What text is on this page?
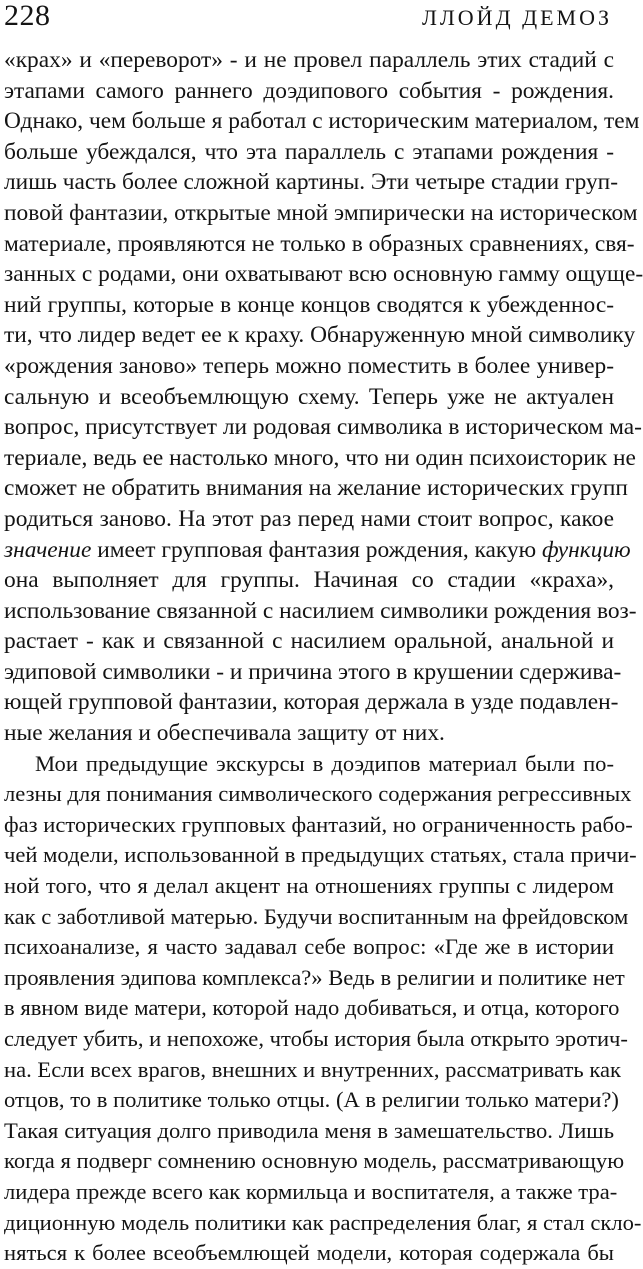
228	ЛЛОЙД ДЕМОЗ
«крах» и «переворот» - и не провел параллель этих стадий с
этапами самого раннего доэдипового события - рождения.
Однако, чем больше я работал с историческим материалом, тем
больше убеждался, что эта параллель с этапами рождения -
лишь часть более сложной картины. Эти четыре стадии груп-
повой фантазии, открытые мной эмпирически на историческом
материале, проявляются не только в образных сравнениях, свя-
занных с родами, они охватывают всю основную гамму ощуще-
ний группы, которые в конце концов сводятся к убежденнос-
ти, что лидер ведет ее к краху. Обнаруженную мной символику
«рождения заново» теперь можно поместить в более универ-
сальную и всеобъемлющую схему. Теперь уже не актуален
вопрос, присутствует ли родовая символика в историческом ма-
териале, ведь ее настолько много, что ни один психоисторик не
сможет не обратить внимания на желание исторических групп
родиться заново. На этот раз перед нами стоит вопрос, какое
значение имеет групповая фантазия рождения, какую функцию
она выполняет для группы. Начиная со стадии «краха»,
использование связанной с насилием символики рождения воз-
растает - как и связанной с насилием оральной, анальной и
эдиповой символики - и причина этого в крушении сдержива-
ющей групповой фантазии, которая держала в узде подавлен-
ные желания и обеспечивала защиту от них.
Мои предыдущие экскурсы в доэдипов материал были по-
лезны для понимания символического содержания регрессивных
фаз исторических групповых фантазий, но ограниченность рабо-
чей модели, использованной в предыдущих статьях, стала причи-
ной того, что я делал акцент на отношениях группы с лидером
как с заботливой матерью. Будучи воспитанным на фрейдовском
психоанализе, я часто задавал себе вопрос: «Где же в истории
проявления эдипова комплекса?» Ведь в религии и политике нет
в явном виде матери, которой надо добиваться, и отца, которого
следует убить, и непохоже, чтобы история была открыто эротич-
на. Если всех врагов, внешних и внутренних, рассматривать как
отцов, то в политике только отцы. (А в религии только матери?)
Такая ситуация долго приводила меня в замешательство. Лишь
когда я подверг сомнению основную модель, рассматривающую
лидера прежде всего как кормильца и воспитателя, а также тра-
диционную модель политики как распределения благ, я стал скло-
няться к более всеобъемлющей модели, которая содержала бы
